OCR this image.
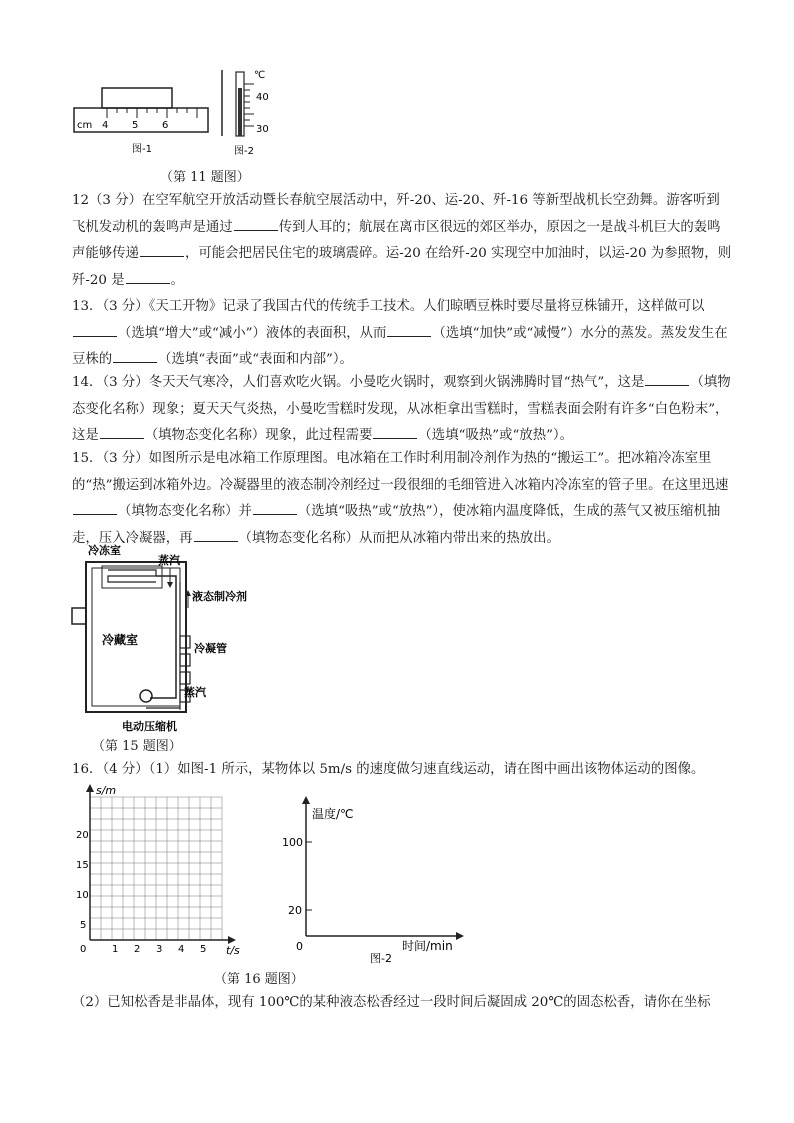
cm 4 5 6
图-1
℃
40
30
图-2
（第 11 题图）

12（3 分）在空军航空开放活动暨长春航空展活动中，歼-20、运-20、歼-16 等新型战机长空劲舞。游客听到飞机发动机的轰鸣声是通过	传到人耳的；航展在离市区很远的郊区举办，原因之一是战斗机巨大的轰鸣声能够传递	，可能会把居民住宅的玻璃震碎。运-20 在给歼-20 实现空中加油时，以运-20 为参照物，则歼-20 是	。

13．（3 分）《天工开物》记录了我国古代的传统手工技术。人们晾晒豆株时要尽量将豆株铺开，这样做可以（选填“增大”或“减小”）液体的表面积，从而	（选填“加快”或“减慢”）水分的蒸发。蒸发发生在豆株的	（选填“表面”或“表面和内部”）。

14．（3 分）冬天天气寒冷，人们喜欢吃火锅。小曼吃火锅时，观察到火锅沸腾时冒“热气”，这是	（填物态变化名称）现象；夏天天气炎热，小曼吃雪糕时发现，从冰柜拿出雪糕时，雪糕表面会附有许多“白色粉末”，这是	（填物态变化名称）现象，此过程需要	（选填“吸热”或“放热”）。

15．（3 分）如图所示是电冰箱工作原理图。电冰箱在工作时利用制冷剂作为热的“搬运工”。把冰箱冷冻室里的“热”搬运到冰箱外边。冷凝器里的液态制冷剂经过一段很细的毛细管进入冰箱内冷冻室的管子里。在这里迅速（填物态变化名称）并	（选填“吸热”或“放热”），使冰箱内温度降低，生成的蒸气又被压缩机抽走，压入冷凝器，再	（填物态变化名称）从而把从冰箱内带出来的热放出。

冷冻室
蒸汽
液态制冷剂
冷藏室
冷凝管
蒸汽
电动压缩机
（第 15 题图）

16．（4 分）（1）如图-1 所示，某物体以 5m/s 的速度做匀速直线运动，请在图中画出该物体运动的图像。

s/m
20
15
10
5
0	1 2 3 4 5 t/s
温度/℃
100
20
0
图-2
时间/min
（第 16 题图）

（2）已知松香是非晶体，现有 100℃的某种液态松香经过一段时间后凝固成 20℃的固态松香，请你在坐标
